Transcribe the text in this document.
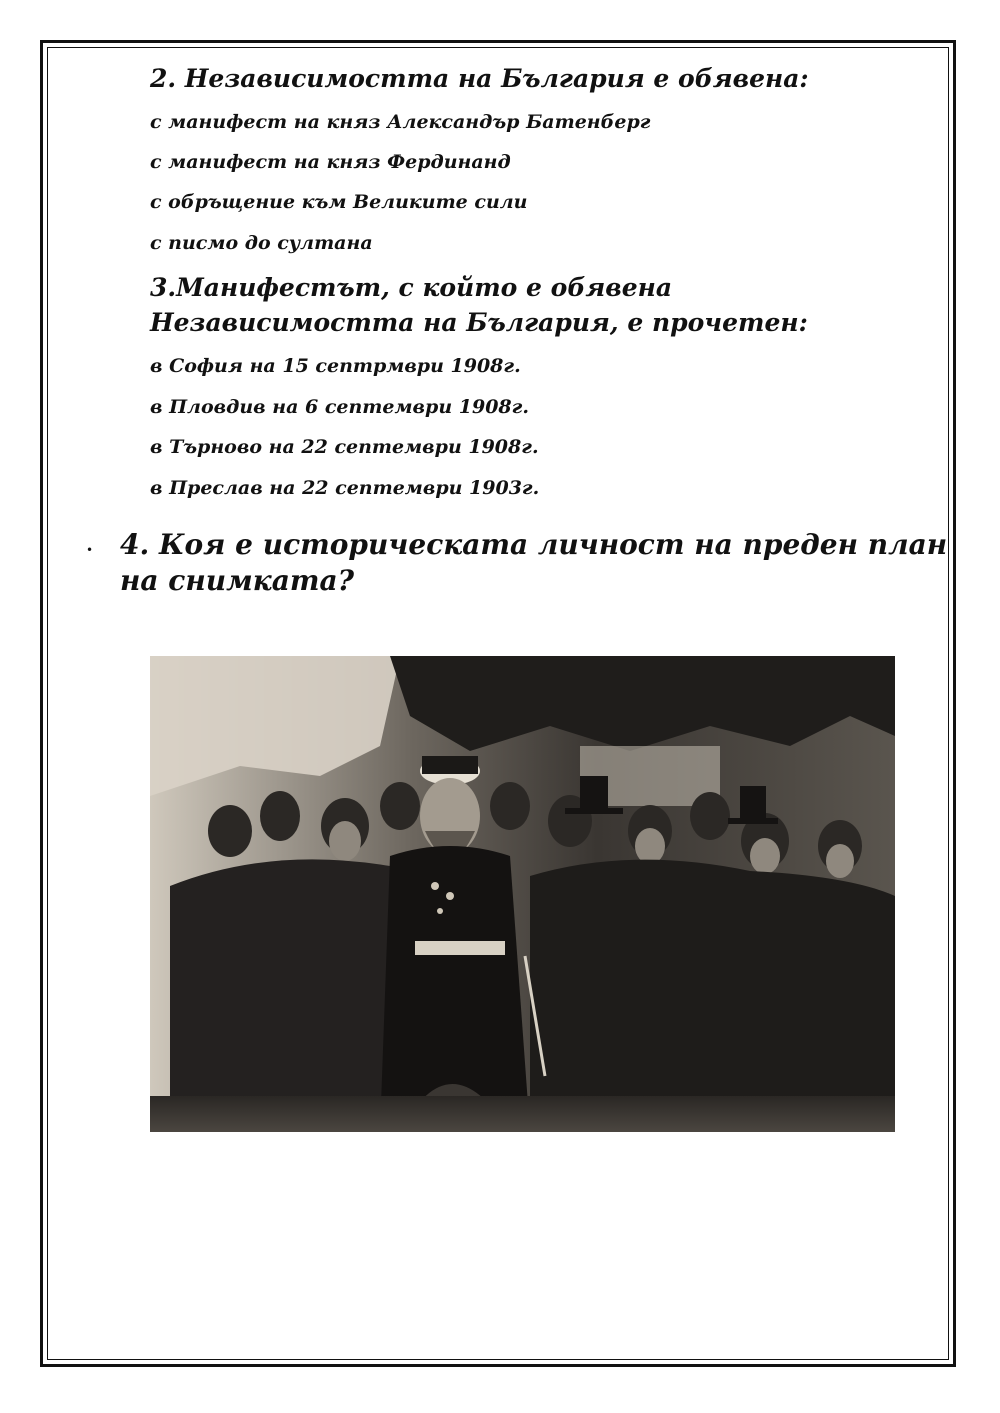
2. Независимостта на България е обявена:

с манифест на княз Александър Батенберг

с манифест на княз Фердинанд

с обръщение към Великите сили

с писмо до султана

3.Манифестът, с който е обявена
Независимостта на България, е прочетен:

в София на 15 септрмври 1908г.

в Пловдив на 6 септември 1908г.

в Търново на 22 септември 1908г.

в Преслав на 22 септември 1903г.

• 4. Коя е историческата личност на преден план
на снимката?
